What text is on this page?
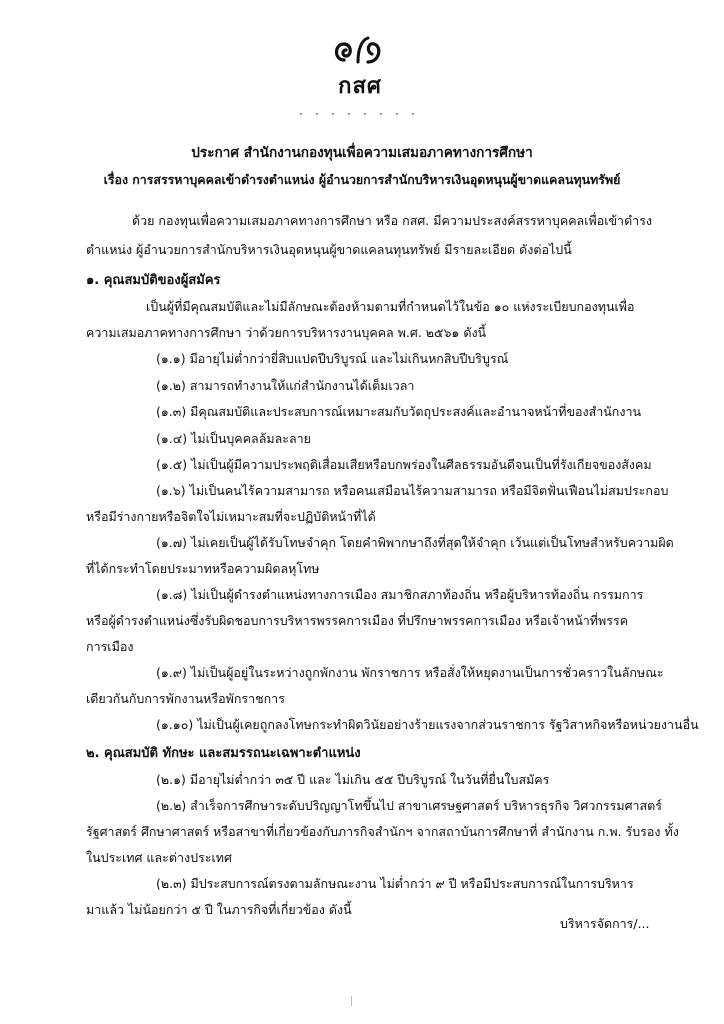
กสศ
ประกาศ สำนักงานกองทุนเพื่อความเสมอภาคทางการศึกษา
เรื่อง การสรรหาบุคคลเข้าดำรงตำแหน่ง ผู้อำนวยการสำนักบริหารเงินอุดหนุนผู้ขาดแคลนทุนทรัพย์
ด้วย กองทุนเพื่อความเสมอภาคทางการศึกษา หรือ กสศ. มีความประสงค์สรรหาบุคคลเพื่อเข้าดำรง
ตำแหน่ง ผู้อำนวยการสำนักบริหารเงินอุดหนุนผู้ขาดแคลนทุนทรัพย์ มีรายละเอียด ดังต่อไปนี้
๑. คุณสมบัติของผู้สมัคร
เป็นผู้ที่มีคุณสมบัติและไม่มีลักษณะต้องห้ามตามที่กำหนดไว้ในข้อ ๑๐ แห่งระเบียบกองทุนเพื่อ
ความเสมอภาคทางการศึกษา ว่าด้วยการบริหารงานบุคคล พ.ศ. ๒๕๖๑ ดังนี้
(๑.๑) มีอายุไม่ต่ำกว่ายี่สิบแปดปีบริบูรณ์ และไม่เกินหกสิบปีบริบูรณ์
(๑.๒) สามารถทำงานให้แก่สำนักงานได้เต็มเวลา
(๑.๓) มีคุณสมบัติและประสบการณ์เหมาะสมกับวัตถุประสงค์และอำนาจหน้าที่ของสำนักงาน
(๑.๔) ไม่เป็นบุคคลล้มละลาย
(๑.๕) ไม่เป็นผู้มีความประพฤติเสื่อมเสียหรือบกพร่องในศีลธรรมอันดีจนเป็นที่รังเกียจของสังคม
(๑.๖) ไม่เป็นคนไร้ความสามารถ หรือคนเสมือนไร้ความสามารถ หรือมีจิตฟั่นเฟือนไม่สมประกอบ
หรือมีร่างกายหรือจิตใจไม่เหมาะสมที่จะปฏิบัติหน้าที่ได้
(๑.๗) ไม่เคยเป็นผู้ได้รับโทษจำคุก โดยคำพิพากษาถึงที่สุดให้จำคุก เว้นแต่เป็นโทษสำหรับความผิด
ที่ได้กระทำโดยประมาทหรือความผิดลหุโทษ
(๑.๘) ไม่เป็นผู้ดำรงตำแหน่งทางการเมือง สมาชิกสภาท้องถิ่น หรือผู้บริหารท้องถิ่น กรรมการ
หรือผู้ดำรงตำแหน่งซึ่งรับผิดชอบการบริหารพรรคการเมือง ที่ปรึกษาพรรคการเมือง หรือเจ้าหน้าที่พรรค
การเมือง
(๑.๙) ไม่เป็นผู้อยู่ในระหว่างถูกพักงาน พักราชการ หรือสั่งให้หยุดงานเป็นการชั่วคราวในลักษณะ
เดียวกันกับการพักงานหรือพักราชการ
(๑.๑๐) ไม่เป็นผู้เคยถูกลงโทษกระทำผิดวินัยอย่างร้ายแรงจากส่วนราชการ รัฐวิสาหกิจหรือหน่วยงานอื่น
๒. คุณสมบัติ ทักษะ และสมรรถนะเฉพาะตำแหน่ง
(๒.๑) มีอายุไม่ต่ำกว่า ๓๕ ปี และ ไม่เกิน ๕๕ ปีบริบูรณ์ ในวันที่ยื่นใบสมัคร
(๒.๒) สำเร็จการศึกษาระดับปริญญาโทขึ้นไป สาขาเศรษฐศาสตร์ บริหารธุรกิจ วิศวกรรมศาสตร์
รัฐศาสตร์ ศึกษาศาสตร์ หรือสาขาที่เกี่ยวข้องกับภารกิจสำนักฯ จากสถาบันการศึกษาที่ สำนักงาน ก.พ. รับรอง ทั้ง
ในประเทศ และต่างประเทศ
(๒.๓) มีประสบการณ์ตรงตามลักษณะงาน ไม่ต่ำกว่า ๙ ปี หรือมีประสบการณ์ในการบริหาร
มาแล้ว ไม่น้อยกว่า ๕ ปี ในภารกิจที่เกี่ยวข้อง ดังนี้
บริหารจัดการ/...
